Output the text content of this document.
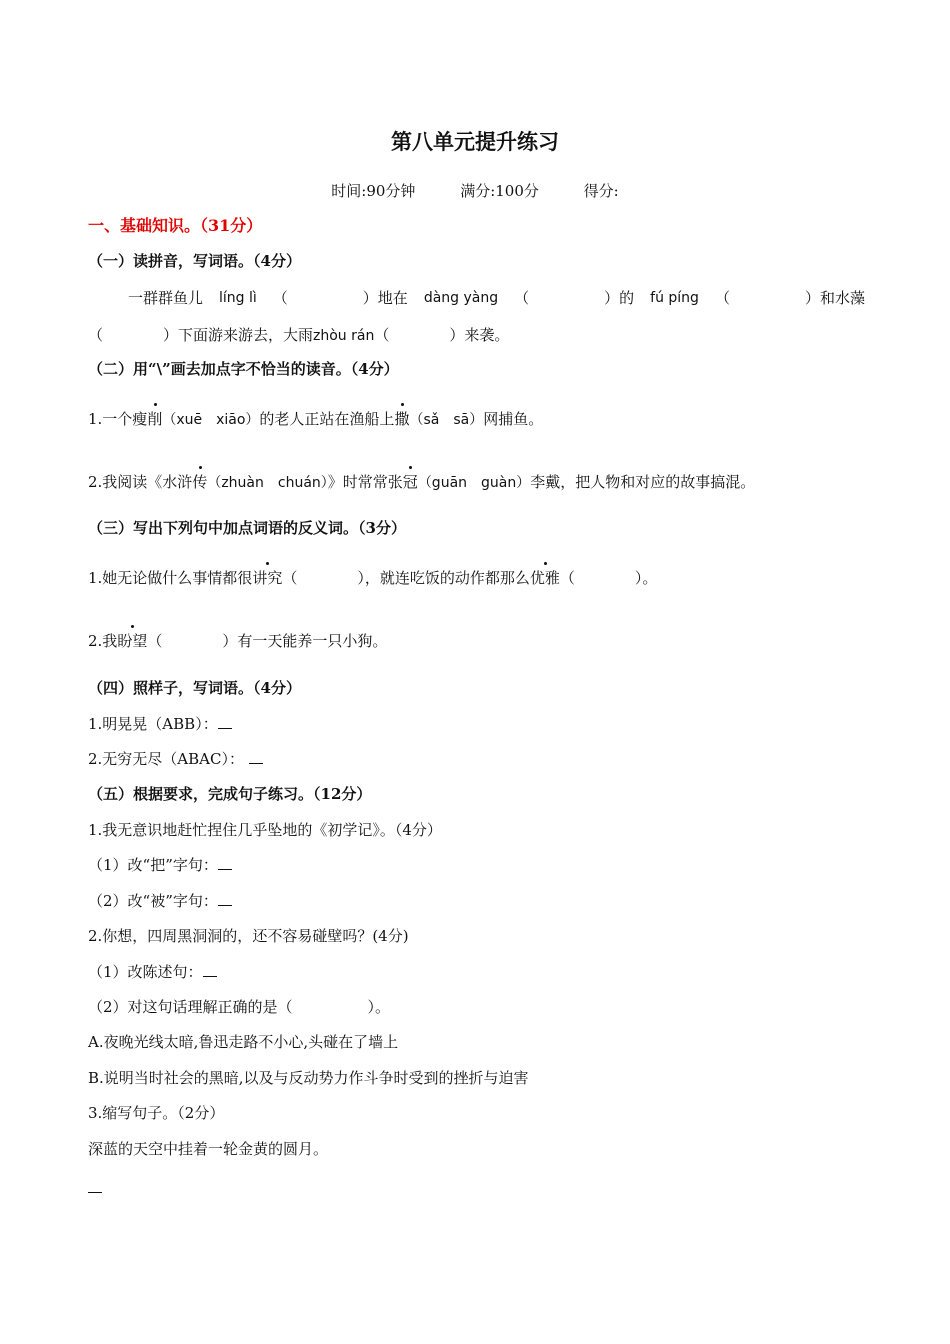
第八单元提升练习
时间:90分钟	满分:100分	得分:
一、基础知识。（31分）
（一）读拼音，写词语。（4分）
一群群鱼儿 líng lì （　　　　　）地在 dàng yàng （　　　　　）的 fú píng （　　　　　）和水藻
（　　　　）下面游来游去，大雨zhòu rán（　　　　）来袭。
（二）用“\”画去加点字不恰当的读音。（4分）
1.一个瘦削（xuē　xiāo）的老人正站在渔船上撒（sǎ　sā）网捕鱼。
2.我阅读《水浒传（zhuàn　chuán）》时常常张冠（guān　guàn）李戴，把人物和对应的故事搞混。
（三）写出下列句中加点词语的反义词。（3分）
1.她无论做什么事情都很讲究（　　　　），就连吃饭的动作都那么优雅（　　　　）。
2.我盼望（　　　　）有一天能养一只小狗。
（四）照样子，写词语。（4分）
1.明晃晃（ABB）：
2.无穷无尽（ABAC）：
（五）根据要求，完成句子练习。（12分）
1.我无意识地赶忙捏住几乎坠地的《初学记》。（4分）
（1）改“把”字句：
（2）改“被”字句：
2.你想，四周黑洞洞的，还不容易碰壁吗？(4分)
（1）改陈述句：
（2）对这句话理解正确的是（　　　　　）。
A.夜晚光线太暗,鲁迅走路不小心,头碰在了墙上
B.说明当时社会的黑暗,以及与反动势力作斗争时受到的挫折与迫害
3.缩写句子。（2分）
深蓝的天空中挂着一轮金黄的圆月。
